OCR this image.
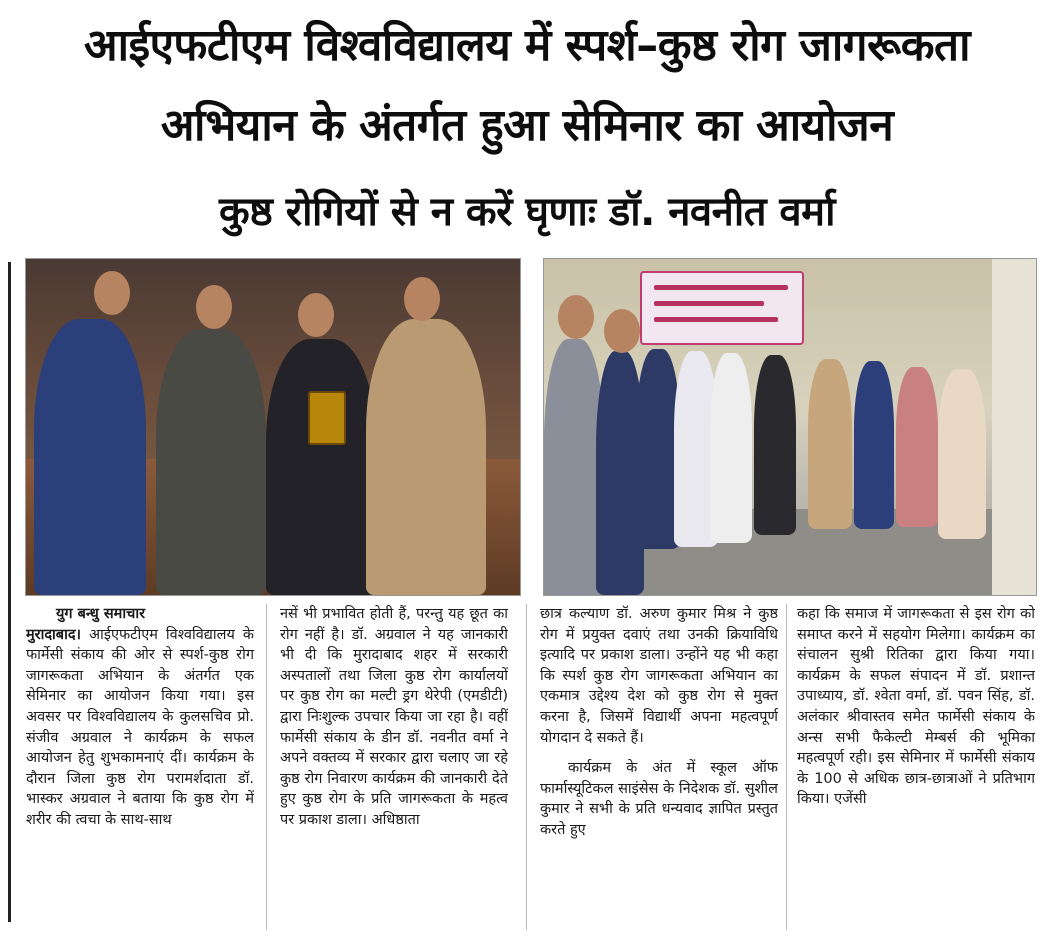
आईएफटीएम विश्वविद्यालय में स्पर्श–कुष्ठ रोग जागरूकता
अभियान के अंतर्गत हुआ सेमिनार का आयोजन
कुष्ठ रोगियों से न करें घृणाः डॉ. नवनीत वर्मा

युग बन्धु समाचार

मुरादाबाद। आईएफटीएम विश्वविद्यालय के फार्मेसी संकाय की ओर से स्पर्श-कुष्ठ रोग जागरूकता अभियान के अंतर्गत एक सेमिनार का आयोजन किया गया। इस अवसर पर विश्वविद्यालय के कुलसचिव प्रो. संजीव अग्रवाल ने कार्यक्रम के सफल आयोजन हेतु शुभकामनाएं दीं। कार्यक्रम के दौरान जिला कुष्ठ रोग परामर्शदाता डॉ. भास्कर अग्रवाल ने बताया कि कुष्ठ रोग में शरीर की त्वचा के साथ-साथ

नसें भी प्रभावित होती हैं, परन्तु यह छूत का रोग नहीं है। डॉ. अग्रवाल ने यह जानकारी भी दी कि मुरादाबाद शहर में सरकारी अस्पतालों तथा जिला कुष्ठ रोग कार्यालयों पर कुष्ठ रोग का मल्टी ड्रग थेरेपी (एमडीटी) द्वारा निःशुल्क उपचार किया जा रहा है। वहीं फार्मेसी संकाय के डीन डॉ. नवनीत वर्मा ने अपने वक्तव्य में सरकार द्वारा चलाए जा रहे कुष्ठ रोग निवारण कार्यक्रम की जानकारी देते हुए कुष्ठ रोग के प्रति जागरूकता के महत्व पर प्रकाश डाला। अधिष्ठाता

छात्र कल्याण डॉ. अरुण कुमार मिश्र ने कुष्ठ रोग में प्रयुक्त दवाएं तथा उनकी क्रियाविधि इत्यादि पर प्रकाश डाला। उन्होंने यह भी कहा कि स्पर्श कुष्ठ रोग जागरूकता अभियान का एकमात्र उद्देश्य देश को कुष्ठ रोग से मुक्त करना है, जिसमें विद्यार्थी अपना महत्वपूर्ण योगदान दे सकते हैं।

कार्यक्रम के अंत में स्कूल ऑफ फार्मास्यूटिकल साइंसेस के निदेशक डॉ. सुशील कुमार ने सभी के प्रति धन्यवाद ज्ञापित प्रस्तुत करते हुए

कहा कि समाज में जागरूकता से इस रोग को समाप्त करने में सहयोग मिलेगा। कार्यक्रम का संचालन सुश्री रितिका द्वारा किया गया। कार्यक्रम के सफल संपादन में डॉ. प्रशान्त उपाध्याय, डॉ. श्वेता वर्मा, डॉ. पवन सिंह, डॉ. अलंकार श्रीवास्तव समेत फार्मेसी संकाय के अन्स सभी फैकेल्टी मेम्बर्स की भूमिका महत्वपूर्ण रही। इस सेमिनार में फार्मेसी संकाय के 100 से अधिक छात्र-छात्राओं ने प्रतिभाग किया। एजेंसी
